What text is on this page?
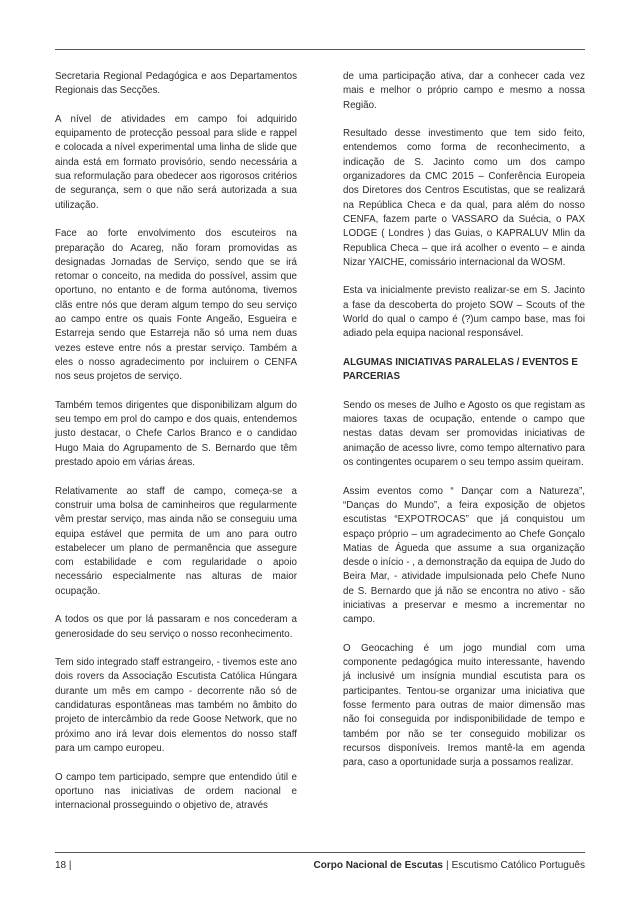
Secretaria Regional Pedagógica e aos Departamentos Regionais das Secções.

A nível de atividades em campo foi adquirido equipamento de protecção pessoal para slide e rappel e colocada a nível experimental uma linha de slide que ainda está em formato provisório, sendo necessária a sua reformulação para obedecer aos rigorosos critérios de segurança, sem o que não será autorizada a sua utilização.

Face ao forte envolvimento dos escuteiros na preparação do Acareg, não foram promovidas as designadas Jornadas de Serviço, sendo que se irá retomar o conceito, na medida do possível, assim que oportuno, no entanto e de forma autónoma, tivemos clãs entre nós que deram algum tempo do seu serviço ao campo entre os quais Fonte Angeão, Esgueira e Estarreja sendo que Estarreja não só uma nem duas vezes esteve entre nós a prestar serviço. Também a eles o nosso agradecimento por incluirem o CENFA nos seus projetos de serviço.

Também temos dirigentes que disponibilizam algum do seu tempo em prol do campo e dos quais, entendemos justo destacar, o Chefe Carlos Branco e o candidao Hugo Maia do Agrupamento de S. Bernardo que têm prestado apoio em várias áreas.

Relativamente ao staff de campo, começa-se a construir uma bolsa de caminheiros que regularmente vêm prestar serviço, mas ainda não se conseguiu uma equipa estável que permita de um ano para outro estabelecer um plano de permanência que assegure com estabilidade e com regularidade o apoio necessário especialmente nas alturas de maior ocupação.

A todos os que por lá passaram e nos concederam a generosidade do seu serviço o nosso reconhecimento.

Tem sido integrado staff estrangeiro, - tivemos este ano dois rovers da Associação Escutista Católica Húngara durante um mês em campo - decorrente não só de candidaturas espontâneas mas também no âmbito do projeto de intercâmbio da rede Goose Network, que no próximo ano irá levar dois elementos do nosso staff para um campo europeu.

O campo tem participado, sempre que entendido útil e oportuno nas iniciativas de ordem nacional e internacional prosseguindo o objetivo de, através

de uma participação ativa, dar a conhecer cada vez mais e melhor o próprio campo e mesmo a nossa Região.

Resultado desse investimento que tem sido feito, entendemos como forma de reconhecimento, a indicação de S. Jacinto como um dos campo organizadores da CMC 2015 – Conferência Europeia dos Diretores dos Centros Escutistas, que se realizará na República Checa e da qual, para além do nosso CENFA, fazem parte o VASSARO da Suécia, o PAX LODGE ( Londres ) das Guias, o KAPRALUV Mlin da Republica Checa – que irá acolher o evento – e ainda Nizar YAICHE, comissário internacional da WOSM.

Esta va inicialmente previsto realizar-se em S. Jacinto a fase da descoberta do projeto SOW – Scouts of the World do qual o campo é (?)um campo base, mas foi adiado pela equipa nacional responsável.

ALGUMAS INICIATIVAS PARALELAS / EVENTOS E PARCERIAS

Sendo os meses de Julho e Agosto os que registam as maiores taxas de ocupação, entende o campo que nestas datas devam ser promovidas iniciativas de animação de acesso livre, como tempo alternativo para os contingentes ocuparem o seu tempo assim queiram.

Assim eventos como “ Dançar com a Natureza”, “Danças do Mundo”, a feira exposição de objetos escutistas “EXPOTROCAS” que já conquistou um espaço próprio – um agradecimento ao Chefe Gonçalo Matias de Águeda que assume a sua organização desde o início - , a demonstração da equipa de Judo do Beira Mar, - atividade impulsionada pelo Chefe Nuno de S. Bernardo que já não se encontra no ativo - são iniciativas a preservar e mesmo a incrementar no campo.

O Geocaching é um jogo mundial com uma componente pedagógica muito interessante, havendo já inclusivé um insígnia mundial escutista para os participantes. Tentou-se organizar uma iniciativa que fosse fermento para outras de maior dimensão mas não foi conseguida por indisponibilidade de tempo e também por não se ter conseguido mobilizar os recursos disponíveis. Iremos mantê-la em agenda para, caso a oportunidade surja a possamos realizar.

18 |	Corpo Nacional de Escutas | Escutismo Católico Português
